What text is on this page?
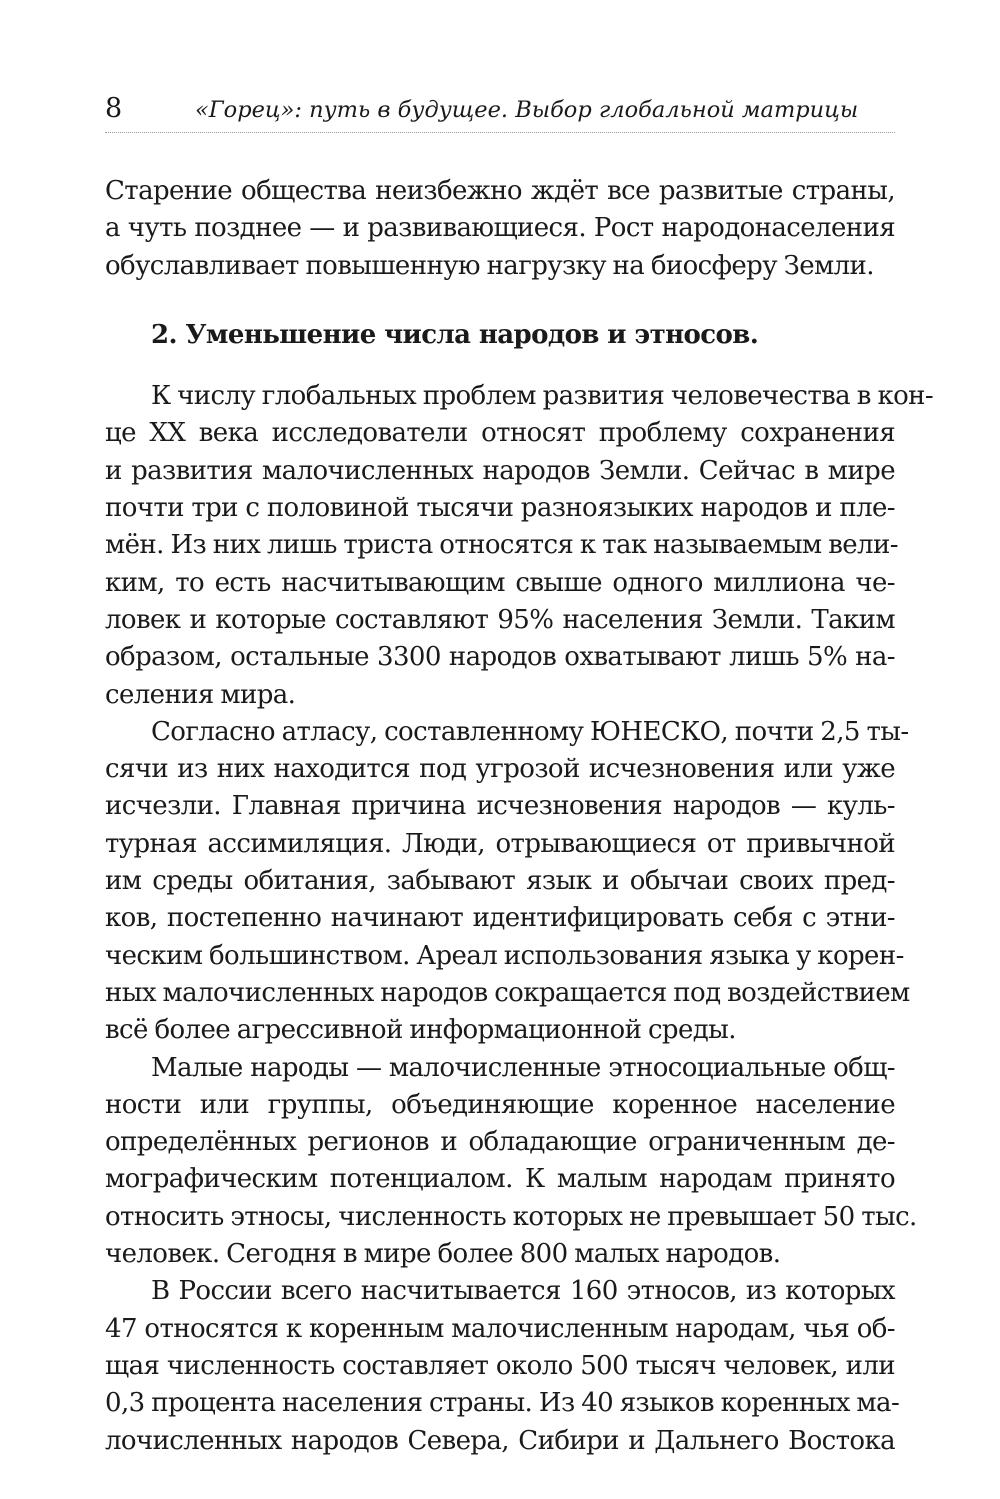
8	«Горец»: путь в будущее. Выбор глобальной матрицы
Старение общества неизбежно ждёт все развитые страны,
а чуть позднее — и развивающиеся. Рост народонаселения
обуславливает повышенную нагрузку на биосферу Земли.
2. Уменьшение числа народов и этносов.
К числу глобальных проблем развития человечества в кон-
це XX века исследователи относят проблему сохранения
и развития малочисленных народов Земли. Сейчас в мире
почти три с половиной тысячи разноязыких народов и пле-
мён. Из них лишь триста относятся к так называемым вели-
ким, то есть насчитывающим свыше одного миллиона че-
ловек и которые составляют 95% населения Земли. Таким
образом, остальные 3300 народов охватывают лишь 5% на-
селения мира.
Согласно атласу, составленному ЮНЕСКО, почти 2,5 ты-
сячи из них находится под угрозой исчезновения или уже
исчезли. Главная причина исчезновения народов — куль-
турная ассимиляция. Люди, отрывающиеся от привычной
им среды обитания, забывают язык и обычаи своих пред-
ков, постепенно начинают идентифицировать себя с этни-
ческим большинством. Ареал использования языка у корен-
ных малочисленных народов сокращается под воздействием
всё более агрессивной информационной среды.
Малые народы — малочисленные этносоциальные общ-
ности или группы, объединяющие коренное население
определённых регионов и обладающие ограниченным де-
мографическим потенциалом. К малым народам принято
относить этносы, численность которых не превышает 50 тыс.
человек. Сегодня в мире более 800 малых народов.
В России всего насчитывается 160 этносов, из которых
47 относятся к коренным малочисленным народам, чья об-
щая численность составляет около 500 тысяч человек, или
0,3 процента населения страны. Из 40 языков коренных ма-
лочисленных народов Севера, Сибири и Дальнего Востока
